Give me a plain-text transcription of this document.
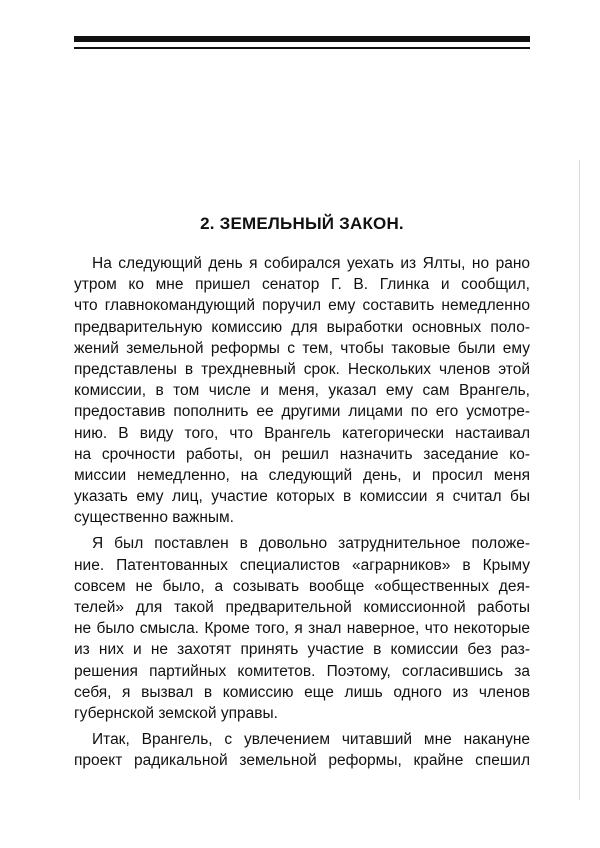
2. ЗЕМЕЛЬНЫЙ ЗАКОН.
На следующий день я собирался уехать из Ялты, но рано
утром ко мне пришел сенатор Г. В. Глинка и сообщил,
что главнокомандующий поручил ему составить немедленно
предварительную комиссию для выработки основных поло-
жений земельной реформы с тем, чтобы таковые были ему
представлены в трехдневный срок. Нескольких членов этой
комиссии, в том числе и меня, указал ему сам Врангель,
предоставив пополнить ее другими лицами по его усмотре-
нию. В виду того, что Врангель категорически настаивал
на срочности работы, он решил назначить заседание ко-
миссии немедленно, на следующий день, и просил меня
указать ему лиц, участие которых в комиссии я считал бы
существенно важным.
Я был поставлен в довольно затруднительное положе-
ние. Патентованных специалистов «аграрников» в Крыму
совсем не было, а созывать вообще «общественных дея-
телей» для такой предварительной комиссионной работы
не было смысла. Кроме того, я знал наверное, что некоторые
из них и не захотят принять участие в комиссии без раз-
решения партийных комитетов. Поэтому, согласившись за
себя, я вызвал в комиссию еще лишь одного из членов
губернской земской управы.
Итак, Врангель, с увлечением читавший мне накануне
проект радикальной земельной реформы, крайне спешил
